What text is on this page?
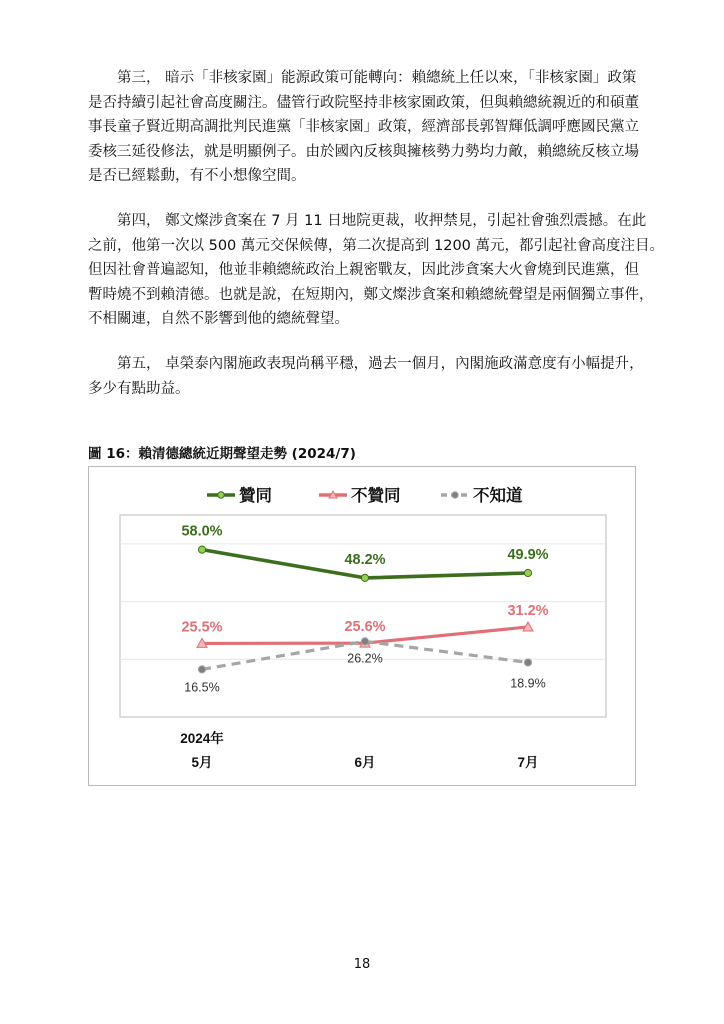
第三， 暗示「非核家園」能源政策可能轉向：賴總統上任以來，「非核家園」政策
是否持續引起社會高度關注。儘管行政院堅持非核家園政策，但與賴總統親近的和碩董
事長童子賢近期高調批判民進黨「非核家園」政策，經濟部長郭智輝低調呼應國民黨立
委核三延役修法，就是明顯例子。由於國內反核與擁核勢力勢均力敵，賴總統反核立場
是否已經鬆動，有不小想像空間。
第四， 鄭文燦涉貪案在 7 月 11 日地院更裁，收押禁見，引起社會強烈震撼。在此
之前，他第一次以 500 萬元交保候傳，第二次提高到 1200 萬元，都引起社會高度注目。
但因社會普遍認知，他並非賴總統政治上親密戰友，因此涉貪案大火會燒到民進黨，但
暫時燒不到賴清德。也就是說，在短期內，鄭文燦涉貪案和賴總統聲望是兩個獨立事件，
不相關連，自然不影響到他的總統聲望。
第五， 卓榮泰內閣施政表現尚稱平穩，過去一個月，內閣施政滿意度有小幅提升，
多少有點助益。

圖 16：賴清德總統近期聲望走勢 (2024/7)

贊同	不贊同	不知道
58.0%
48.2%	49.9%
25.5%	25.6%
31.2%
16.5%
26.2%
18.9%
2024年
5月	6月	7月
18
